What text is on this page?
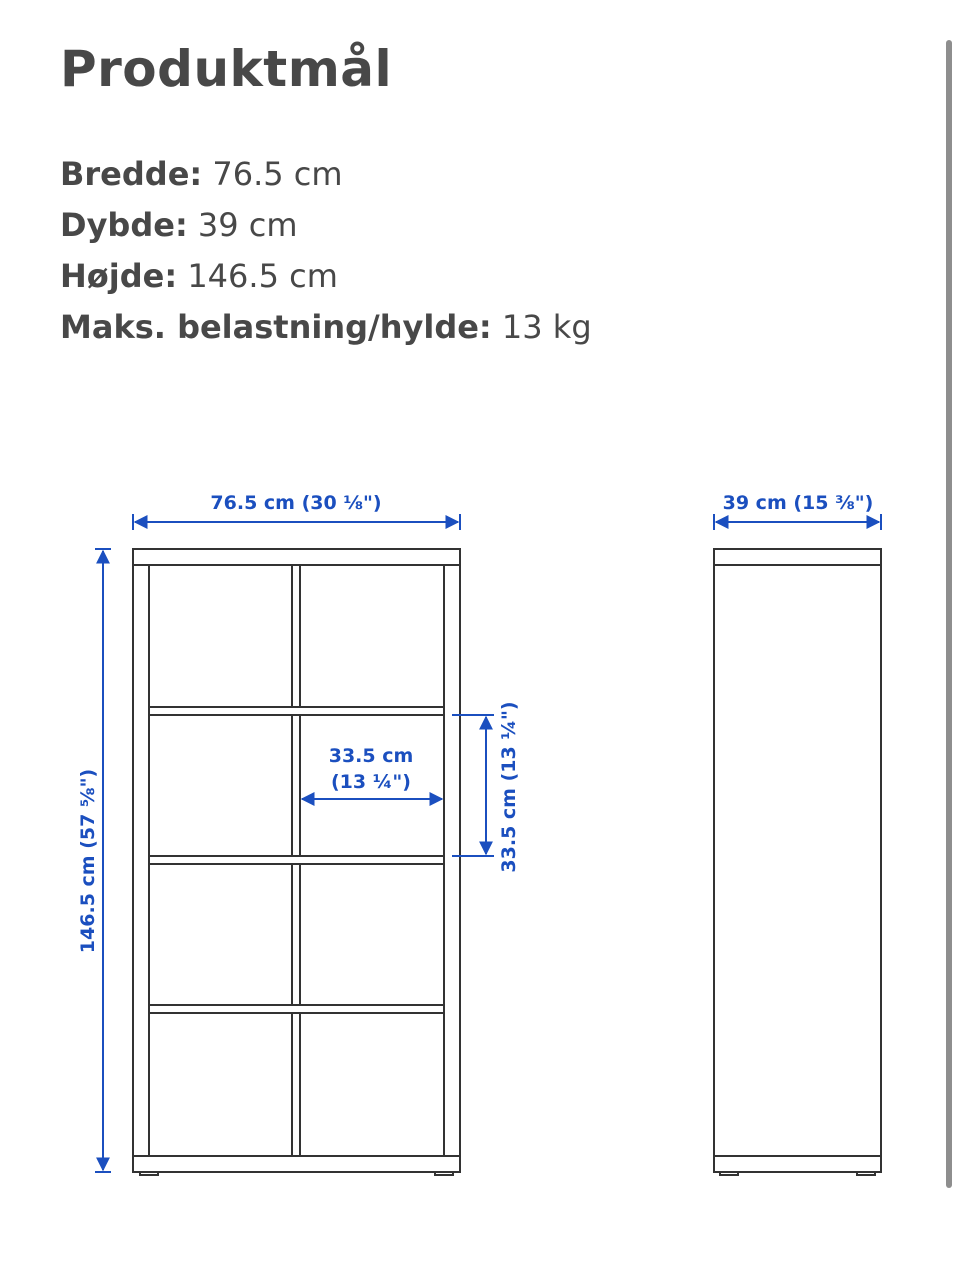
Produktmål
Bredde: 76.5 cm
Dybde: 39 cm
Højde: 146.5 cm
Maks. belastning/hylde: 13 kg
76.5 cm (30 ⅛")	39 cm (15 ⅜")
146.5 cm (57 ⅝")
33.5 cm
(13 ¼")	33.5 cm (13 ¼")
